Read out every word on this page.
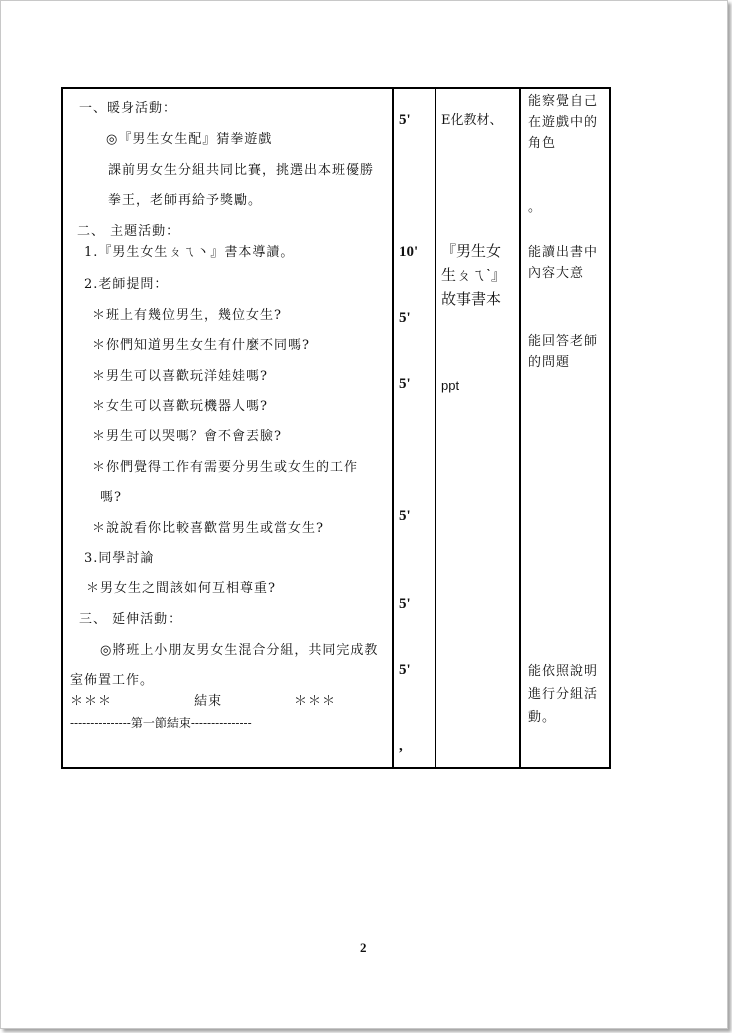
一、暖身活動：
◎『男生女生配』猜拳遊戲
課前男女生分組共同比賽，挑選出本班優勝
拳王，老師再給予獎勵。
二、 主題活動：
1.『男生女生ㄆㄟ丶』書本導讀。
2.老師提問：
＊班上有幾位男生，幾位女生?
＊你們知道男生女生有什麼不同嗎?
＊男生可以喜歡玩洋娃娃嗎?
＊女生可以喜歡玩機器人嗎?
＊男生可以哭嗎？會不會丟臉?
＊你們覺得工作有需要分男生或女生的工作
嗎?
＊說說看你比較喜歡當男生或當女生?
3.同學討論
＊男女生之間該如何互相尊重?
三、 延伸活動：
◎將班上小朋友男女生混合分組，共同完成教
室佈置工作。
＊＊＊                結束              ＊＊＊
---------------第一節結束---------------
5'
10'
5'
5'
5'
5'
5'
,
E化教材、
『男生女
生ㄆㄟˋ』
故事書本
ppt
能察覺自己
在遊戲中的
角色
。
能讀出書中
內容大意
能回答老師
的問題
能依照說明
進行分組活
動。
2
